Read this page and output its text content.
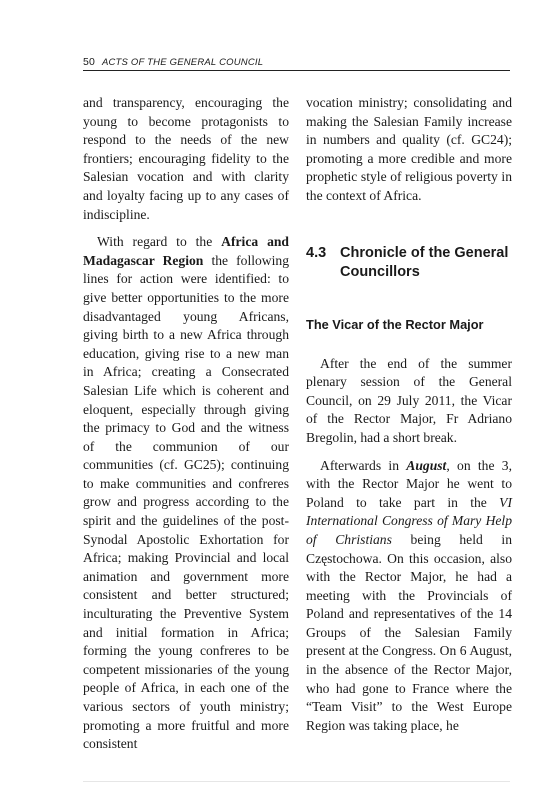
50 ACTS OF THE GENERAL COUNCIL

and transparency, encouraging the young to become protagonists to respond to the needs of the new frontiers; encouraging fidelity to the Salesian vocation and with clarity and loyalty facing up to any cases of indiscipline.

With regard to the Africa and Madagascar Region the following lines for action were identified: to give better opportunities to the more disadvantaged young Africans, giving birth to a new Africa through education, giving rise to a new man in Africa; creating a Consecrated Salesian Life which is coherent and eloquent, especially through giving the primacy to God and the witness of the communion of our communities (cf. GC25); continuing to make communities and confreres grow and progress according to the spirit and the guidelines of the post-Synodal Apostolic Exhortation for Africa; making Provincial and local animation and government more consistent and better structured; inculturating the Preventive System and initial formation in Africa; forming the young confreres to be competent missionaries of the young people of Africa, in each one of the various sectors of youth ministry; promoting a more fruitful and more consistent

vocation ministry; consolidating and making the Salesian Family increase in numbers and quality (cf. GC24); promoting a more credible and more prophetic style of religious poverty in the context of Africa.

4.3 Chronicle of the General Councillors
The Vicar of the Rector Major

After the end of the summer plenary session of the General Council, on 29 July 2011, the Vicar of the Rector Major, Fr Adriano Bregolin, had a short break.

Afterwards in August, on the 3, with the Rector Major he went to Poland to take part in the VI International Congress of Mary Help of Christians being held in Częstochowa. On this occasion, also with the Rector Major, he had a meeting with the Provincials of Poland and representatives of the 14 Groups of the Salesian Family present at the Congress. On 6 August, in the absence of the Rector Major, who had gone to France where the “Team Visit” to the West Europe Region was taking place, he
